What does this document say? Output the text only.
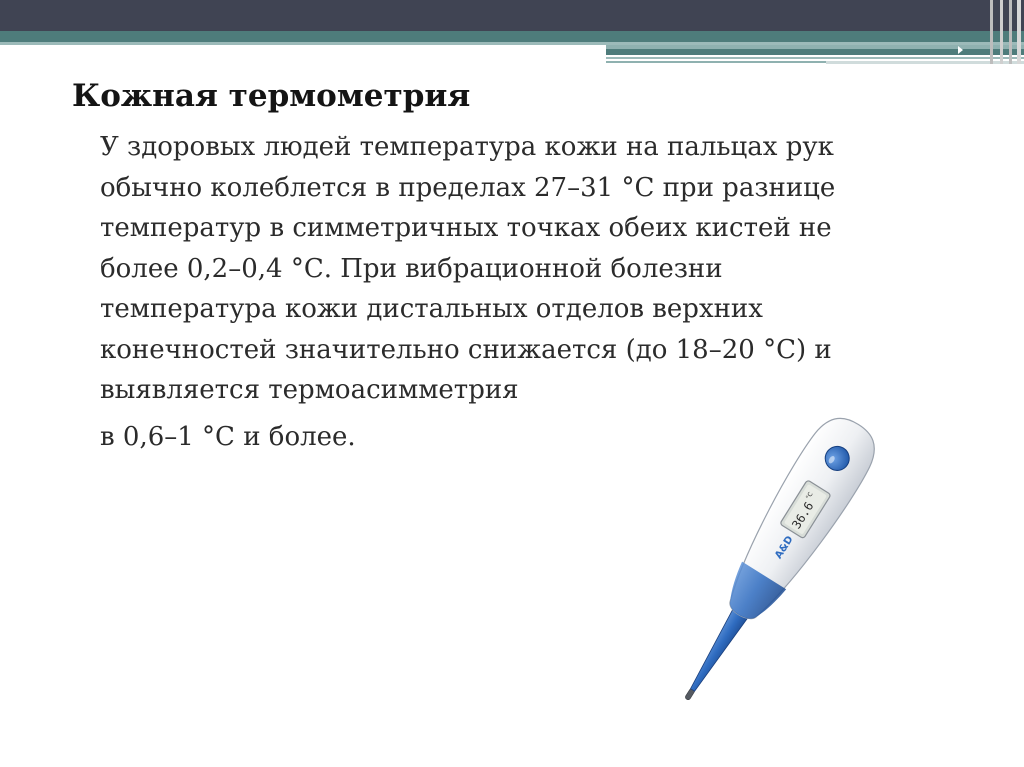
Кожная термометрия
У здоровых людей температура кожи на пальцах рук
обычно колеблется в пределах 27–31 °С при разнице
температур в симметричных точках обеих кистей не
более 0,2–0,4 °С. При вибрационной болезни
температура кожи дистальных отделов верхних
конечностей значительно снижается (до 18–20 °С) и
выявляется термоасимметрия
в 0,6–1 °С и более.
A&D
36.6
°C
